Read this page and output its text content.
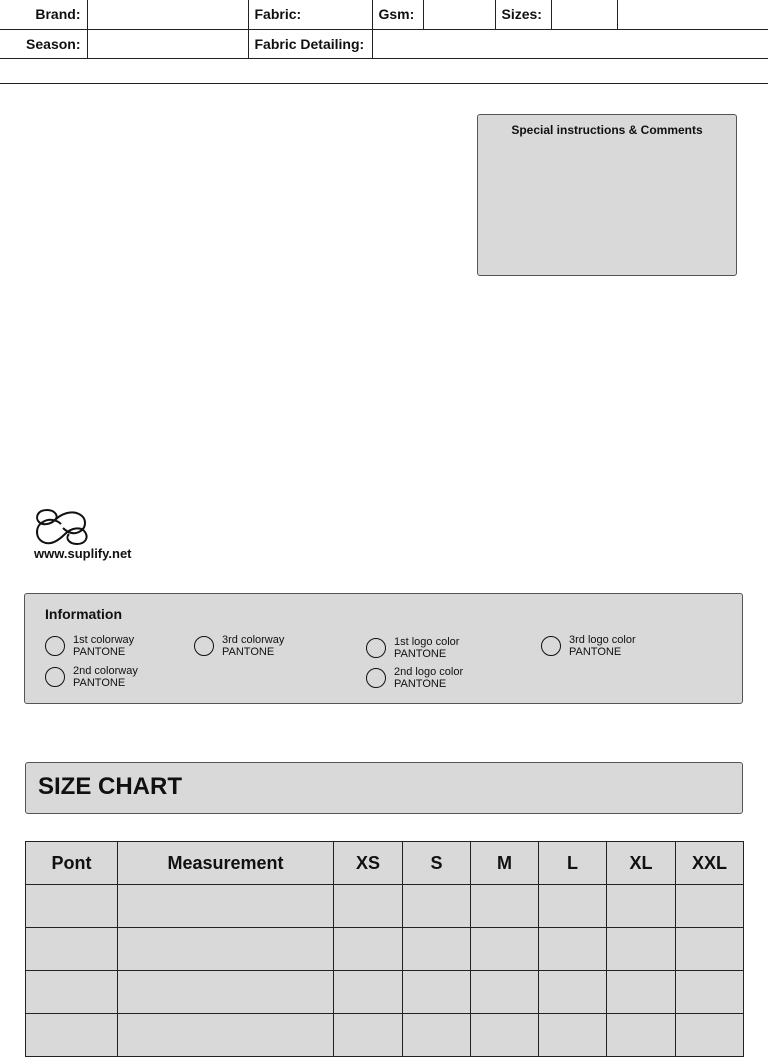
Brand:		Fabric:	Gsm:		Sizes:		
Season:		Fabric Detailing:					
Special instructions & Comments
www.suplify.net
Information
1st colorway
PANTONE
2nd colorway
PANTONE
3rd colorway
PANTONE
1st logo color
PANTONE
2nd logo color
PANTONE
3rd logo color
PANTONE
SIZE CHART
Pont	Measurement	XS	S	M	L	XL	XXL
